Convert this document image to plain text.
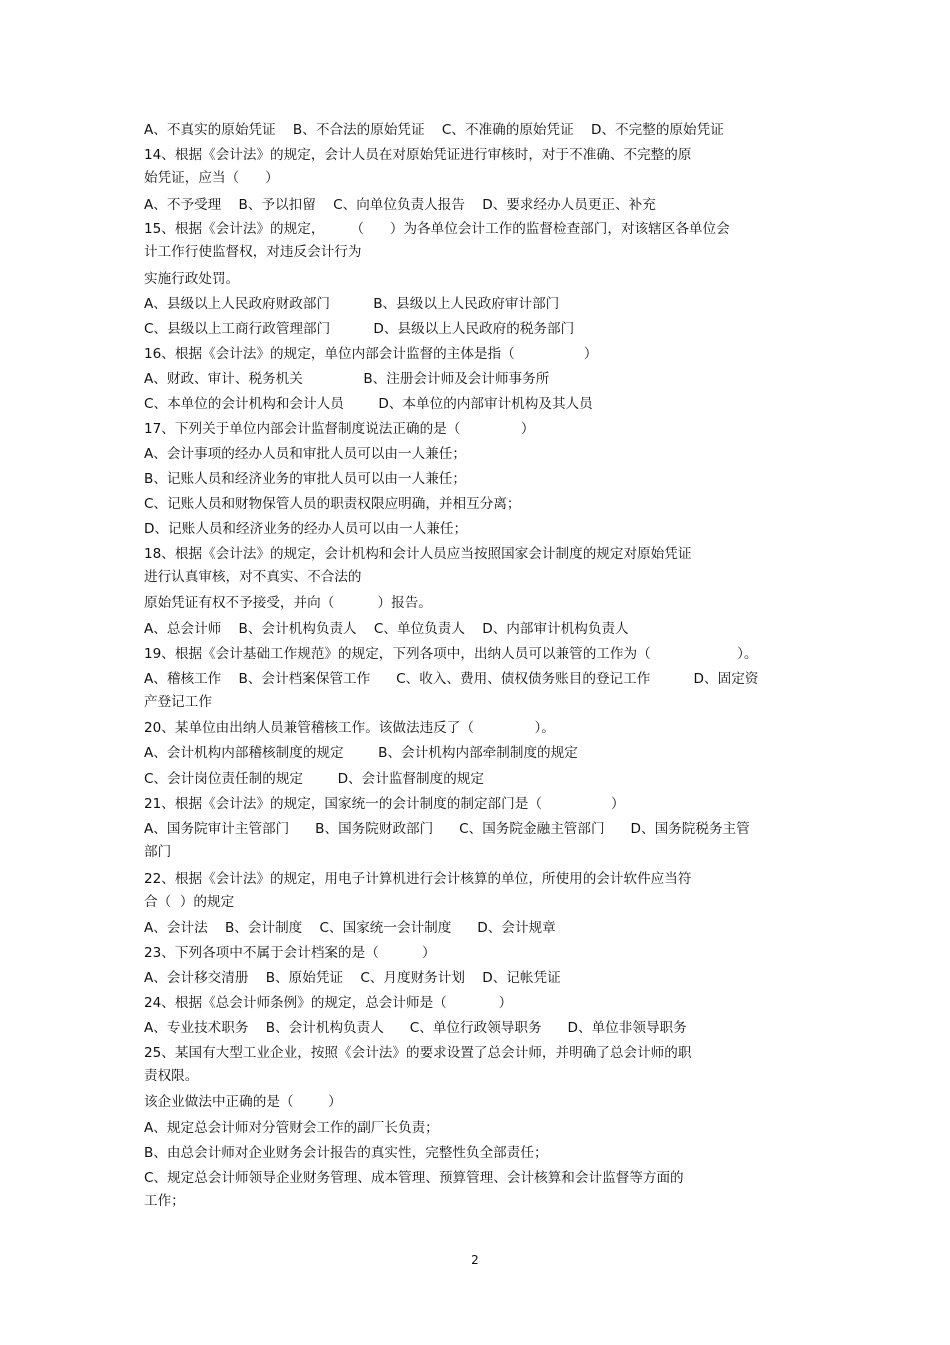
A、不真实的原始凭证    B、不合法的原始凭证    C、不准确的原始凭证    D、不完整的原始凭证
14、根据《会计法》的规定，会计人员在对原始凭证进行审核时，对于不准确、不完整的原
始凭证，应当（      ）
A、不予受理    B、予以扣留    C、向单位负责人报告    D、要求经办人员更正、补充
15、根据《会计法》的规定，      （      ）为各单位会计工作的监督检查部门，对该辖区各单位会
计工作行使监督权，对违反会计行为
实施行政处罚。
A、县级以上人民政府财政部门          B、县级以上人民政府审计部门
C、县级以上工商行政管理部门          D、县级以上人民政府的税务部门
16、根据《会计法》的规定，单位内部会计监督的主体是指（                ）
A、财政、审计、税务机关              B、注册会计师及会计师事务所
C、本单位的会计机构和会计人员        D、本单位的内部审计机构及其人员
17、下列关于单位内部会计监督制度说法正确的是（              ）
A、会计事项的经办人员和审批人员可以由一人兼任；
B、记账人员和经济业务的审批人员可以由一人兼任；
C、记账人员和财物保管人员的职责权限应明确，并相互分离；
D、记账人员和经济业务的经办人员可以由一人兼任；
18、根据《会计法》的规定，会计机构和会计人员应当按照国家会计制度的规定对原始凭证
进行认真审核，对不真实、不合法的
原始凭证有权不予接受，并向（          ）报告。
A、总会计师    B、会计机构负责人    C、单位负责人    D、内部审计机构负责人
19、根据《会计基础工作规范》的规定，下列各项中，出纳人员可以兼管的工作为（                    ）。
A、稽核工作    B、会计档案保管工作      C、收入、费用、债权债务账目的登记工作          D、固定资
产登记工作
20、某单位由出纳人员兼管稽核工作。该做法违反了（              ）。
A、会计机构内部稽核制度的规定        B、会计机构内部牵制制度的规定
C、会计岗位责任制的规定        D、会计监督制度的规定
21、根据《会计法》的规定，国家统一的会计制度的制定部门是（                ）
A、国务院审计主管部门      B、国务院财政部门      C、国务院金融主管部门      D、国务院税务主管
部门
22、根据《会计法》的规定，用电子计算机进行会计核算的单位，所使用的会计软件应当符
合（  ）的规定
A、会计法    B、会计制度    C、国家统一会计制度      D、会计规章
23、下列各项中不属于会计档案的是（          ）
A、会计移交清册    B、原始凭证    C、月度财务计划    D、记帐凭证
24、根据《总会计师条例》的规定，总会计师是（            ）
A、专业技术职务    B、会计机构负责人      C、单位行政领导职务      D、单位非领导职务
25、某国有大型工业企业，按照《会计法》的要求设置了总会计师，并明确了总会计师的职
责权限。
该企业做法中正确的是（        ）
A、规定总会计师对分管财会工作的副厂长负责；
B、由总会计师对企业财务会计报告的真实性，完整性负全部责任；
C、规定总会计师领导企业财务管理、成本管理、预算管理、会计核算和会计监督等方面的
工作；
2
